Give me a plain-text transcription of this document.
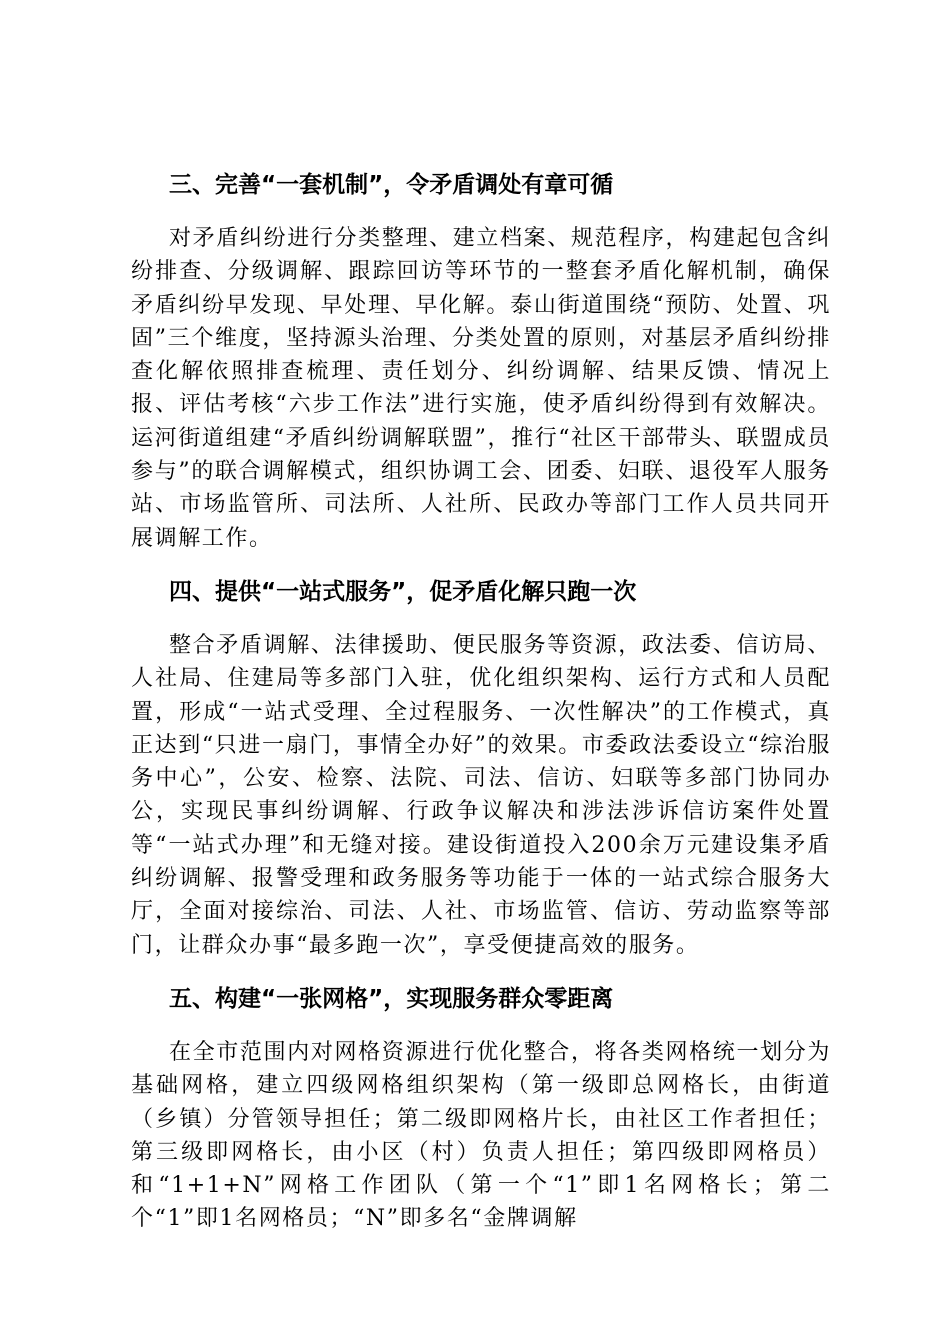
三、完善“一套机制”，令矛盾调处有章可循

对矛盾纠纷进行分类整理、建立档案、规范程序，构建起包含纠纷排查、分级调解、跟踪回访等环节的一整套矛盾化解机制，确保矛盾纠纷早发现、早处理、早化解。泰山街道围绕“预防、处置、巩固”三个维度，坚持源头治理、分类处置的原则，对基层矛盾纠纷排查化解依照排查梳理、责任划分、纠纷调解、结果反馈、情况上报、评估考核“六步工作法”进行实施，使矛盾纠纷得到有效解决。运河街道组建“矛盾纠纷调解联盟”，推行“社区干部带头、联盟成员参与”的联合调解模式，组织协调工会、团委、妇联、退役军人服务站、市场监管所、司法所、人社所、民政办等部门工作人员共同开展调解工作。

四、提供“一站式服务”，促矛盾化解只跑一次

整合矛盾调解、法律援助、便民服务等资源，政法委、信访局、人社局、住建局等多部门入驻，优化组织架构、运行方式和人员配置，形成“一站式受理、全过程服务、一次性解决”的工作模式，真正达到“只进一扇门，事情全办好”的效果。市委政法委设立“综治服务中心”，公安、检察、法院、司法、信访、妇联等多部门协同办公，实现民事纠纷调解、行政争议解决和涉法涉诉信访案件处置等“一站式办理”和无缝对接。建设街道投入200余万元建设集矛盾纠纷调解、报警受理和政务服务等功能于一体的一站式综合服务大厅，全面对接综治、司法、人社、市场监管、信访、劳动监察等部门，让群众办事“最多跑一次”，享受便捷高效的服务。

五、构建“一张网格”，实现服务群众零距离

在全市范围内对网格资源进行优化整合，将各类网格统一划分为基础网格，建立四级网格组织架构（第一级即总网格长，由街道（乡镇）分管领导担任；第二级即网格片长，由社区工作者担任；第三级即网格长，由小区（村）负责人担任；第四级即网格员）和“1+1+N”网格工作团队（第一个“1”即1名网格长；第二个“1”即1名网格员；“N”即多名“金牌调解
